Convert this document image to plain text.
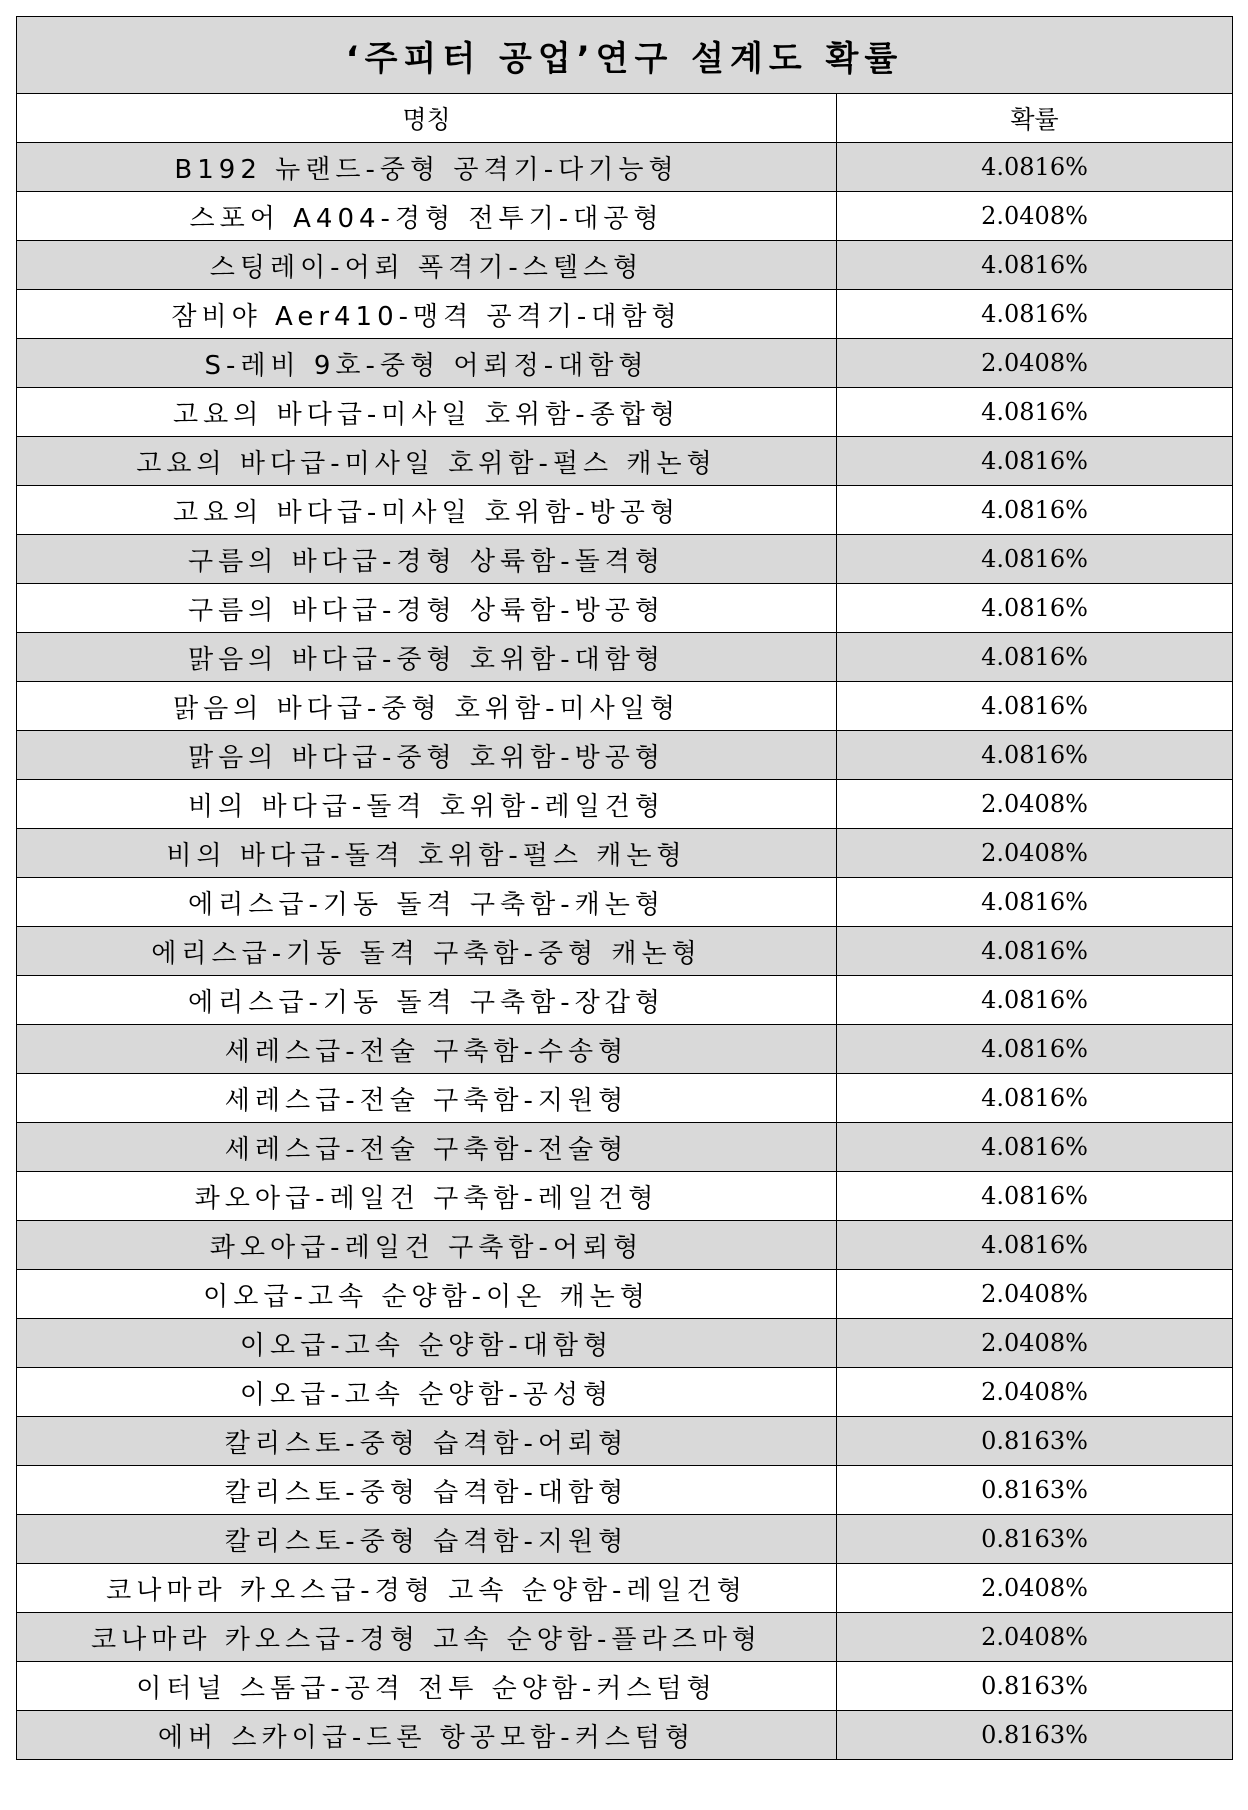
‘주피터 공업’연구 설계도 확률	
명칭	확률
B192 뉴랜드-중형 공격기-다기능형	4.0816%
스포어 A404-경형 전투기-대공형	2.0408%
스팅레이-어뢰 폭격기-스텔스형	4.0816%
잠비야 Aer410-맹격 공격기-대함형	4.0816%
S-레비 9호-중형 어뢰정-대함형	2.0408%
고요의 바다급-미사일 호위함-종합형	4.0816%
고요의 바다급-미사일 호위함-펄스 캐논형	4.0816%
고요의 바다급-미사일 호위함-방공형	4.0816%
구름의 바다급-경형 상륙함-돌격형	4.0816%
구름의 바다급-경형 상륙함-방공형	4.0816%
맑음의 바다급-중형 호위함-대함형	4.0816%
맑음의 바다급-중형 호위함-미사일형	4.0816%
맑음의 바다급-중형 호위함-방공형	4.0816%
비의 바다급-돌격 호위함-레일건형	2.0408%
비의 바다급-돌격 호위함-펄스 캐논형	2.0408%
에리스급-기동 돌격 구축함-캐논형	4.0816%
에리스급-기동 돌격 구축함-중형 캐논형	4.0816%
에리스급-기동 돌격 구축함-장갑형	4.0816%
세레스급-전술 구축함-수송형	4.0816%
세레스급-전술 구축함-지원형	4.0816%
세레스급-전술 구축함-전술형	4.0816%
콰오아급-레일건 구축함-레일건형	4.0816%
콰오아급-레일건 구축함-어뢰형	4.0816%
이오급-고속 순양함-이온 캐논형	2.0408%
이오급-고속 순양함-대함형	2.0408%
이오급-고속 순양함-공성형	2.0408%
칼리스토-중형 습격함-어뢰형	0.8163%
칼리스토-중형 습격함-대함형	0.8163%
칼리스토-중형 습격함-지원형	0.8163%
코나마라 카오스급-경형 고속 순양함-레일건형	2.0408%
코나마라 카오스급-경형 고속 순양함-플라즈마형	2.0408%
이터널 스톰급-공격 전투 순양함-커스텀형	0.8163%
에버 스카이급-드론 항공모함-커스텀형	0.8163%
